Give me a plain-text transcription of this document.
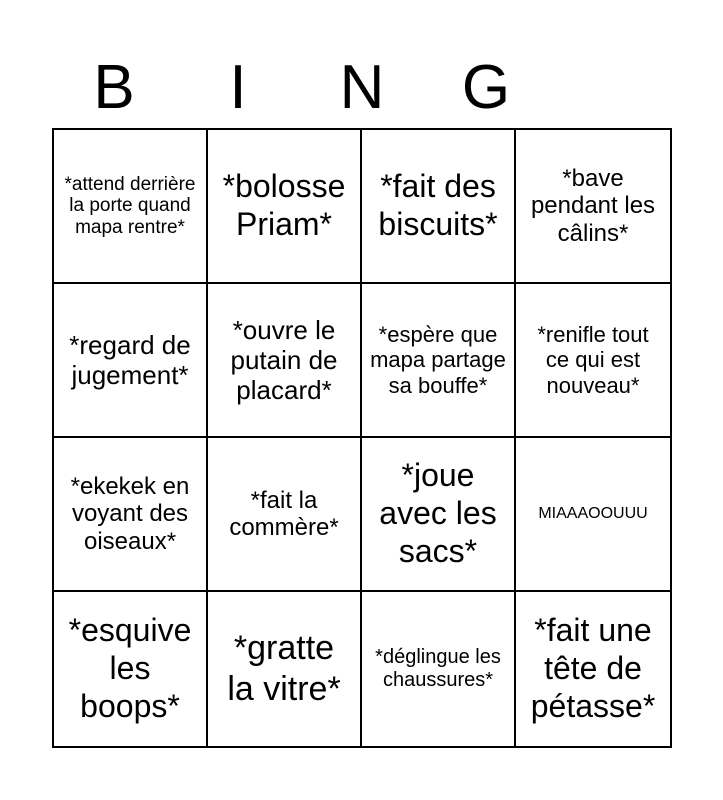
B	I	N	G
*attend derrière la porte quand mapa rentre*
*bolosse Priam*
*fait des biscuits*
*bave pendant les câlins*
*regard de jugement*
*ouvre le putain de placard*
*espère que mapa partage sa bouffe*
*renifle tout ce qui est nouveau*
*ekekek en voyant des oiseaux*
*fait la commère*
*joue avec les sacs*
MIAAAOOUUU
*esquive les boops*
*gratte la vitre*
*déglingue les chaussures*
*fait une tête de pétasse*
